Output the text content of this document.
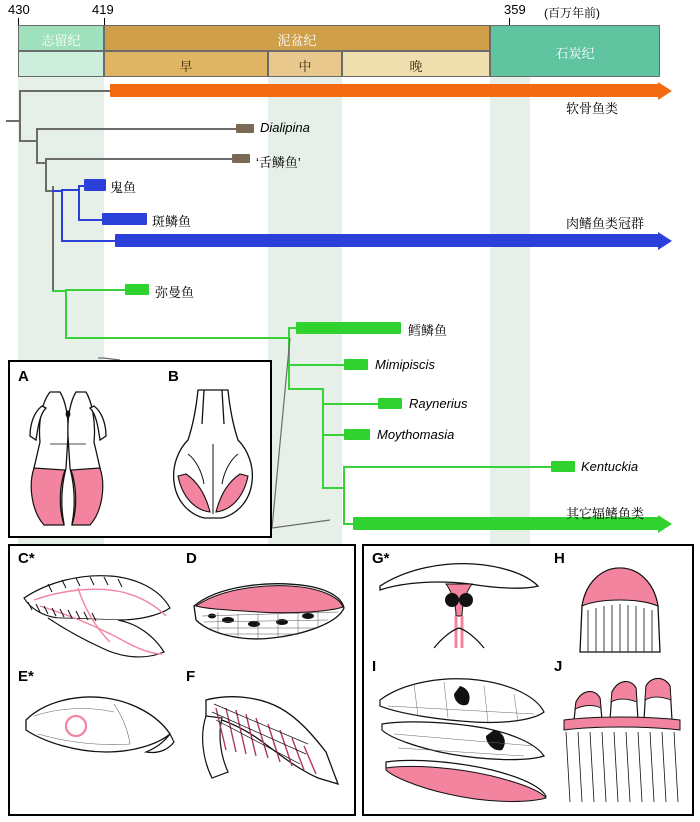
430	419	359 (百万年前)
志留纪	泥盆纪
石炭纪
早	中	晚
软骨鱼类
Dialipina
‘舌鳞鱼’
鬼鱼
斑鳞鱼	肉鳍鱼类冠群
弥曼鱼
鳕鳞鱼
Mimipiscis
Raynerius
Moythomasia
Kentuckia
其它辐鳍鱼类
A	B
C*	D
E*	F
G*	H
I	J
